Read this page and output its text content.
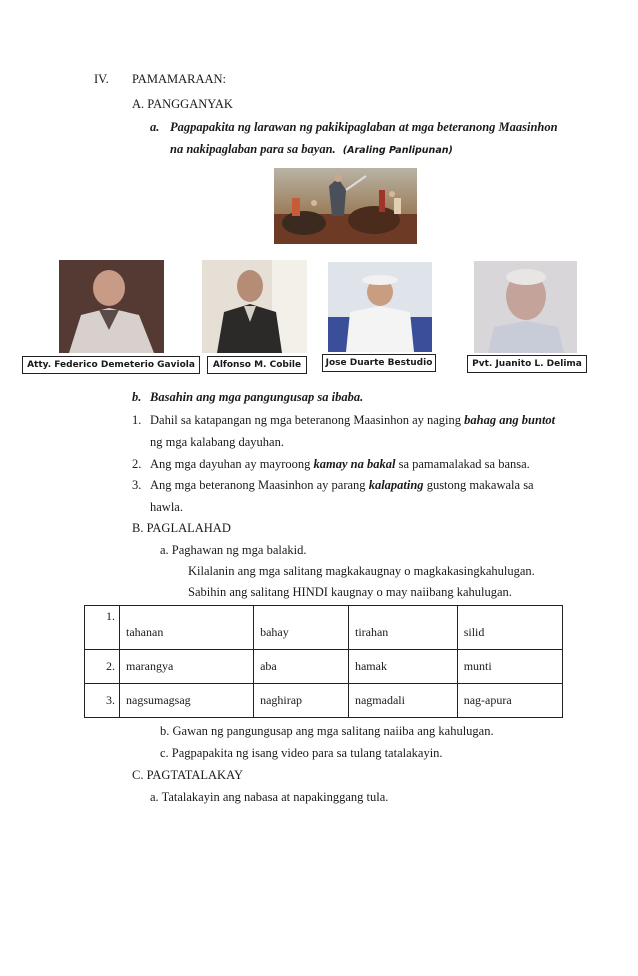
IV. PAMAMARAAN:
A. PANGGANYAK
a. Pagpapakita ng larawan ng pakikipaglaban at mga beteranong Maasinhon
na nakipaglaban para sa bayan. (Araling Panlipunan)
Atty. Federico Demeterio Gaviola	Alfonso M. Cobile	Jose Duarte Bestudio	Pvt. Juanito L. Delima
b. Basahin ang mga pangungusap sa ibaba.
1. Dahil sa katapangan ng mga beteranong Maasinhon ay naging bahag ang buntot
ng mga kalabang dayuhan.
2. Ang mga dayuhan ay mayroong kamay na bakal sa pamamalakad sa bansa.
3. Ang mga beteranong Maasinhon ay parang kalapating gustong makawala sa
hawla.
B. PAGLALAHAD
a. Paghawan ng mga balakid.
Kilalanin ang mga salitang magkakaugnay o magkakasingkahulugan.
Sabihin ang salitang HINDI kaugnay o may naiibang kahulugan.
1.	tahanan	bahay	tirahan	silid
2.	marangya	aba	hamak	munti
3.	nagsumagsag	naghirap	nagmadali	nag-apura
b. Gawan ng pangungusap ang mga salitang naiiba ang kahulugan.
c. Pagpapakita ng isang video para sa tulang tatalakayin.
C. PAGTATALAKAY
a. Tatalakayin ang nabasa at napakinggang tula.
